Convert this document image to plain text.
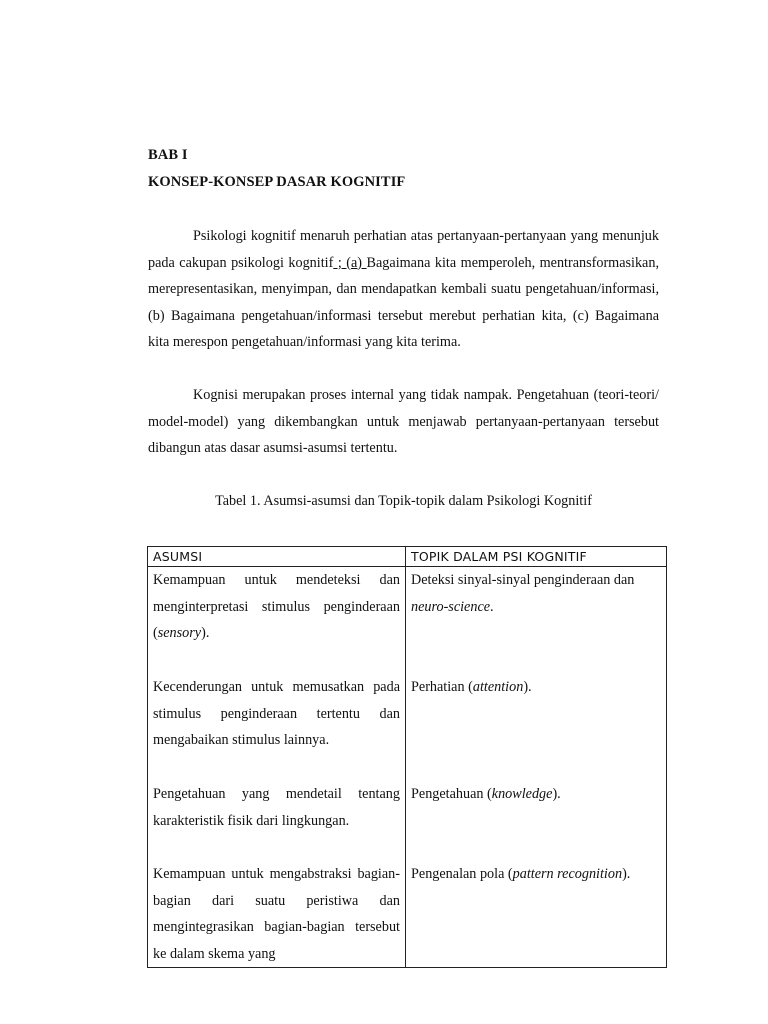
BAB I
KONSEP-KONSEP DASAR KOGNITIF

Psikologi kognitif menaruh perhatian atas pertanyaan-pertanyaan yang menunjuk pada cakupan psikologi kognitif ; (a) Bagaimana kita memperoleh, mentransformasikan, merepresentasikan, menyimpan, dan mendapatkan kembali suatu pengetahuan/informasi, (b) Bagaimana pengetahuan/informasi tersebut merebut perhatian kita, (c) Bagaimana kita merespon pengetahuan/informasi yang kita terima.

Kognisi merupakan proses internal yang tidak nampak. Pengetahuan (teori-teori/ model-model) yang dikembangkan untuk menjawab pertanyaan-pertanyaan tersebut dibangun atas dasar asumsi-asumsi tertentu.

Tabel 1. Asumsi-asumsi dan Topik-topik dalam Psikologi Kognitif
ASUMSI	TOPIK DALAM PSI KOGNITIF
Kemampuan untuk mendeteksi dan menginterpretasi stimulus penginderaan (sensory).	Deteksi sinyal-sinyal penginderaan dan neuro-science.
Kecenderungan untuk memusatkan pada stimulus penginderaan tertentu dan mengabaikan stimulus lainnya.	Perhatian (attention).
Pengetahuan yang mendetail tentang karakteristik fisik dari lingkungan.	Pengetahuan (knowledge).

Kemampuan untuk mengabstraksi bagian-bagian dari suatu peristiwa dan mengintegrasikan bagian-bagian tersebut ke dalam skema yang	Pengenalan pola (pattern recognition).
